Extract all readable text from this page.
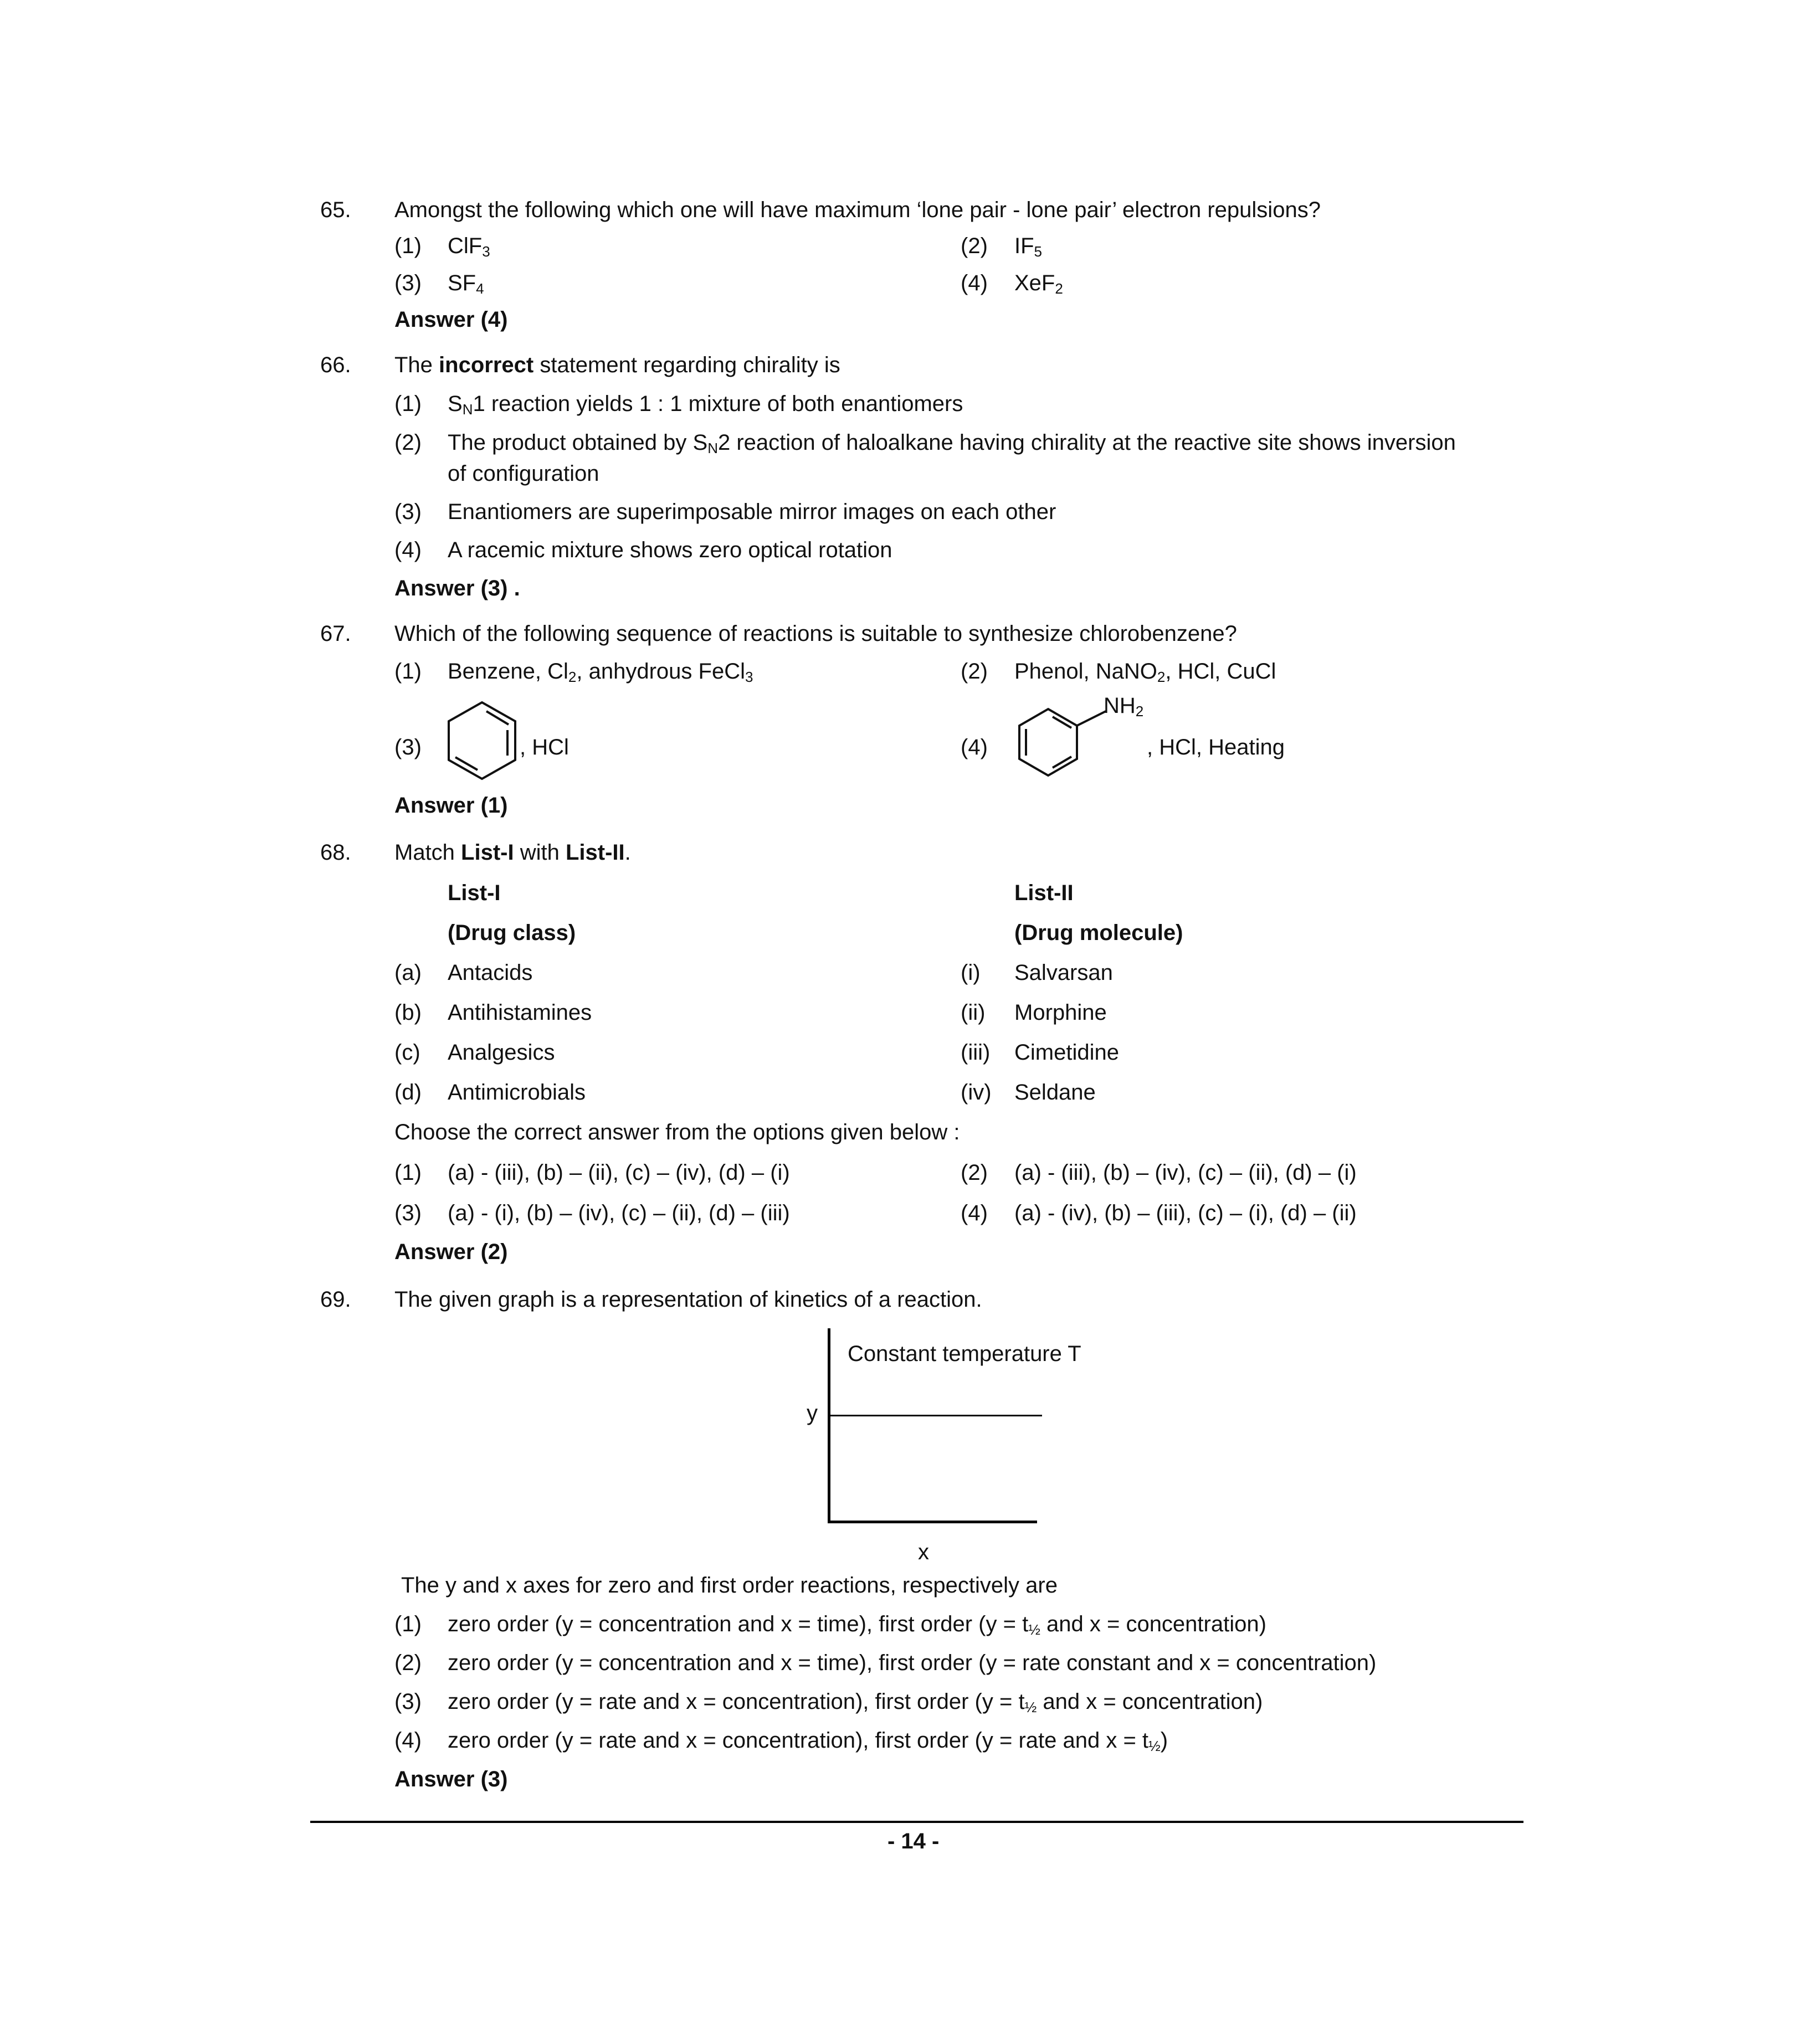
65. Amongst the following which one will have maximum ‘lone pair - lone pair’ electron repulsions?
(1) ClF$_3$	(2) $IF_5$
(3) $SF_4$	(4) XeF$_2$
Answer (4)
66. The incorrect statement regarding chirality is
(1) $S_N1$ reaction yields 1 : 1 mixture of both enantiomers
(2) The product obtained by $S_N2$ reaction of haloalkane having chirality at the reactive site shows inversion
of configuration
(3) Enantiomers are superimposable mirror images on each other
(4) A racemic mixture shows zero optical rotation
Answer (3) .
67. Which of the following sequence of reactions is suitable to synthesize chlorobenzene?
(1) Benzene, $Cl_2$, anhydrous FeCl$_3$	(2) Phenol, NaNO$_2$, HCl, CuCl
(3)	, HCl	(4)
$NH_2$
, HCl, Heating
Answer (1)
68. Match List-I with List-II.
List-I	List-II
(Drug class)	(Drug molecule)
(a) Antacids	(i) Salvarsan
(b) Antihistamines	(ii) Morphine
(c) Analgesics	(iii) Cimetidine
(d) Antimicrobials	(iv) Seldane
Choose the correct answer from the options given below :
(1) (a) - (iii), (b) – (ii), (c) – (iv), (d) – (i)	(2) (a) - (iii), (b) – (iv), (c) – (ii), (d) – (i)
(3) (a) - (i), (b) – (iv), (c) – (ii), (d) – (iii)	(4) (a) - (iv), (b) – (iii), (c) – (i), (d) – (ii)
Answer (2)
69. The given graph is a representation of kinetics of a reaction.
Constant temperature T
y
x
The y and x axes for zero and first order reactions, respectively are
(1) zero order (y = concentration and x = time), first order ($y = t_{\frac{1}{2}}$ and x = concentration)
(2) zero order (y = concentration and x = time), first order (y = rate constant and x = concentration)
(3) zero order (y = rate and x = concentration), first order ($y = t_{\frac{1}{2}}$ and x = concentration)
(4) zero order (y = rate and x = concentration), first order (y = rate and $x = t_{\frac{1}{2}}$)
Answer (3)
- 14 -
